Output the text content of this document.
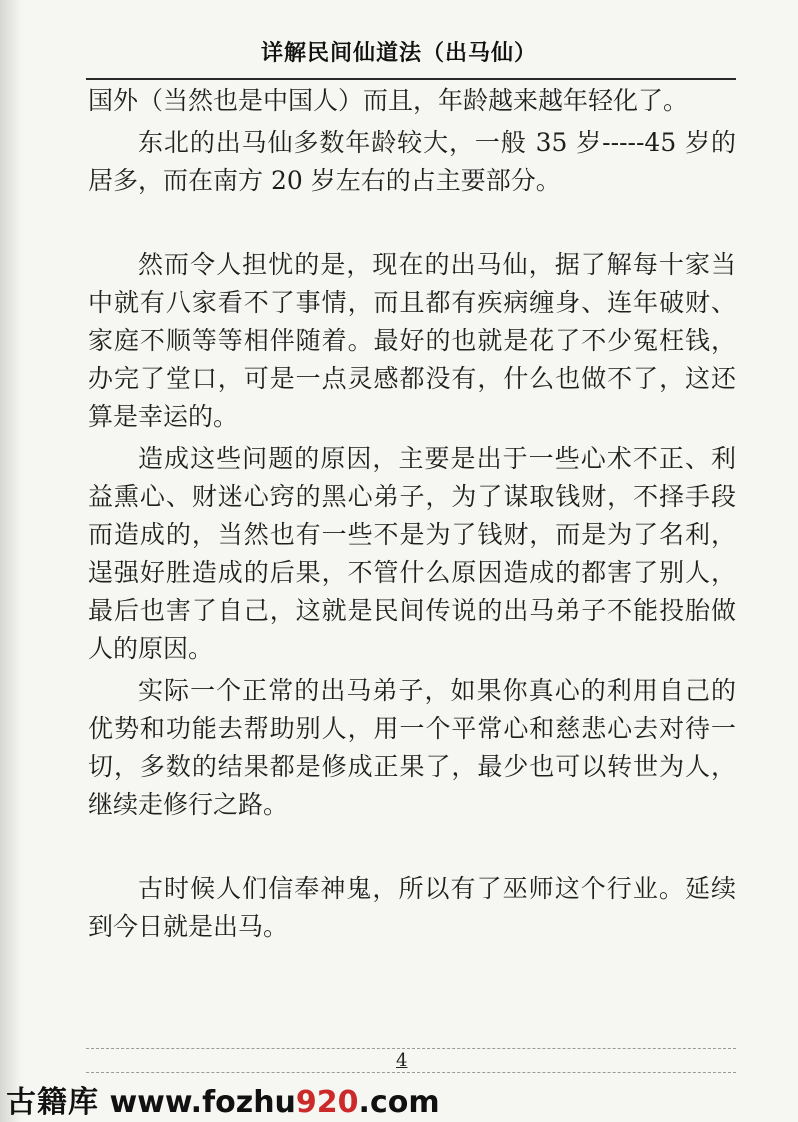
详解民间仙道法（出马仙）

国外（当然也是中国人）而且，年龄越来越年轻化了。

东北的出马仙多数年龄较大，一般 35 岁-----45 岁的居多，而在南方 20 岁左右的占主要部分。

然而令人担忧的是，现在的出马仙，据了解每十家当中就有八家看不了事情，而且都有疾病缠身、连年破财、家庭不顺等等相伴随着。最好的也就是花了不少冤枉钱，办完了堂口，可是一点灵感都没有，什么也做不了，这还算是幸运的。

造成这些问题的原因，主要是出于一些心术不正、利益熏心、财迷心窍的黑心弟子，为了谋取钱财，不择手段而造成的，当然也有一些不是为了钱财，而是为了名利，逞强好胜造成的后果，不管什么原因造成的都害了别人，最后也害了自己，这就是民间传说的出马弟子不能投胎做人的原因。

实际一个正常的出马弟子，如果你真心的利用自己的优势和功能去帮助别人，用一个平常心和慈悲心去对待一切，多数的结果都是修成正果了，最少也可以转世为人，继续走修行之路。

古时候人们信奉神鬼，所以有了巫师这个行业。延续到今日就是出马。

4
古籍库 www.fozhu920.com
